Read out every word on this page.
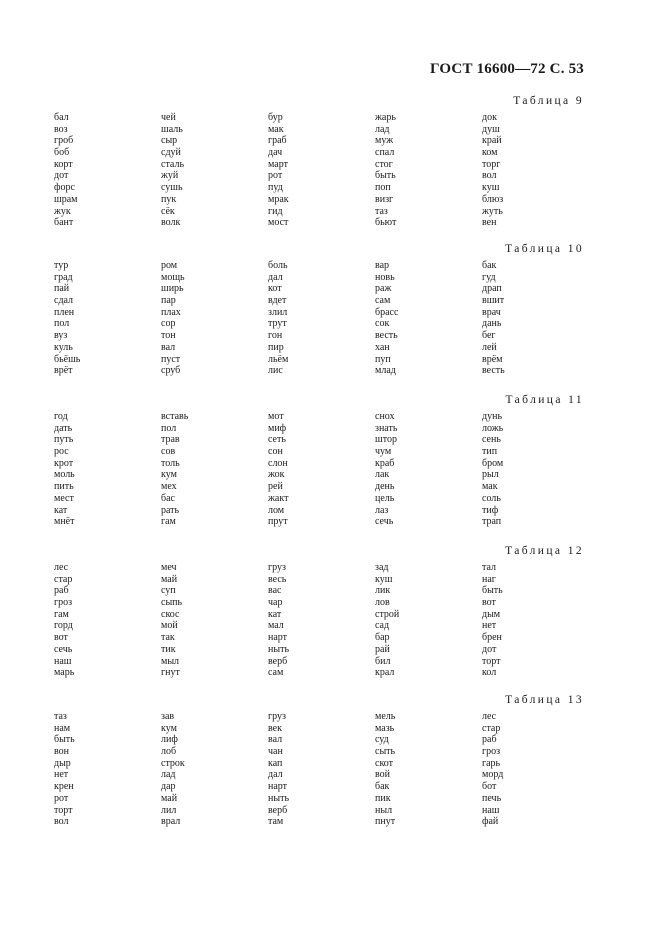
ГОСТ 16600—72 С. 53
Таблица 9
бал	чей	бур	жарь	док
воз	шаль	мак	лад	душ
гроб	сыр	граб	муж	край
боб	сдуй	дач	спал	ком
корт	сталь	март	стог	торг
дот	жуй	рот	быть	вол
форс	сушь	пуд	поп	куш
шрам	пук	мрак	визг	блюз
жук	сёк	гид	таз	жуть
бант	волк	мост	бьют	вен
Таблица 10
тур	ром	боль	вар	бак
град	мощь	дал	новь	гуд
пай	ширь	кот	раж	драп
сдал	пар	вдет	сам	вшит
плен	плах	злил	брасс	врач
пол	сор	трут	сок	дань
вуз	тон	гон	весть	бег
куль	вал	пир	хан	лей
бьёшь	пуст	льём	пуп	врём
врёт	сруб	лис	млад	весть
Таблица 11
год	вставь	мот	снох	дунь
дать	пол	миф	знать	ложь
путь	трав	сеть	штор	сень
рос	сов	сон	чум	тип
крот	толь	слон	краб	бром
моль	кум	жок	лак	рыл
пить	мех	рей	день	мак
мест	бас	жакт	цель	соль
кат	рать	лом	лаз	тиф
мнёт	гам	прут	сечь	трап
Таблица 12
лес	меч	груз	зад	тал
стар	май	весь	куш	наг
раб	суп	вас	лик	быть
гроз	сыпь	чар	лов	вот
гам	скос	кат	строй	дым
горд	мой	мал	сад	нет
вот	так	нарт	бар	брен
сечь	тик	ныть	рай	дот
наш	мыл	верб	бил	торт
марь	гнут	сам	крал	кол
Таблица 13
таз	зав	груз	мель	лес
нам	кум	век	мазь	стар
быть	лиф	вал	суд	раб
вон	лоб	чан	сыть	гроз
дыр	строк	кап	скот	гарь
нет	лад	дал	вой	морд
крен	дар	нарт	бак	бот
рот	май	ныть	пик	печь
торт	лил	верб	ныл	наш
вол	врал	там	пнут	фай
